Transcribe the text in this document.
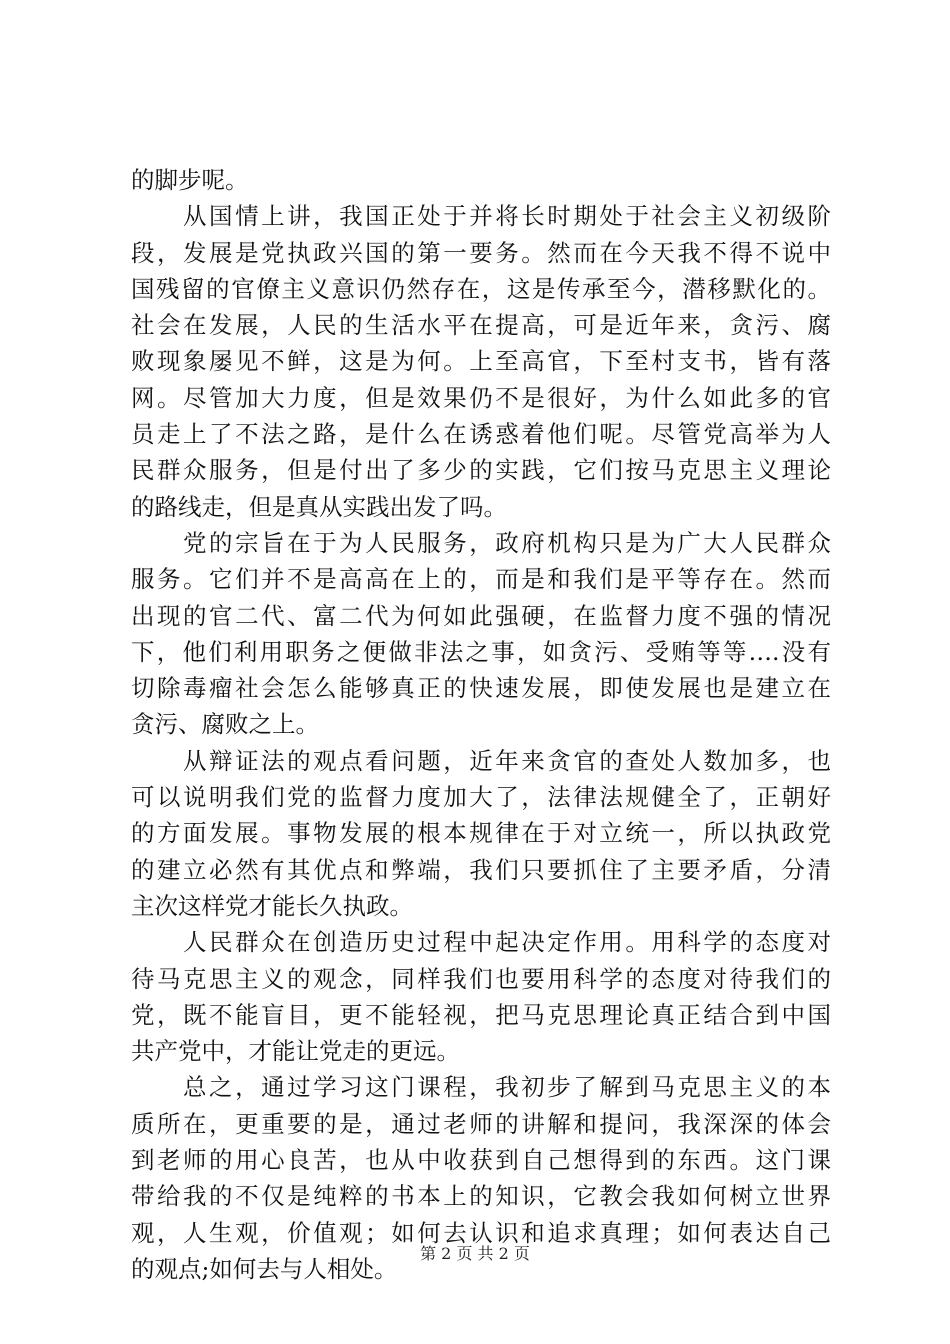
的脚步呢。
　　从国情上讲，我国正处于并将长时期处于社会主义初级阶
段，发展是党执政兴国的第一要务。然而在今天我不得不说中
国残留的官僚主义意识仍然存在，这是传承至今，潜移默化的。
社会在发展，人民的生活水平在提高，可是近年来，贪污、腐
败现象屡见不鲜，这是为何。上至高官，下至村支书，皆有落
网。尽管加大力度，但是效果仍不是很好，为什么如此多的官
员走上了不法之路，是什么在诱惑着他们呢。尽管党高举为人
民群众服务，但是付出了多少的实践，它们按马克思主义理论
的路线走，但是真从实践出发了吗。
　　党的宗旨在于为人民服务，政府机构只是为广大人民群众
服务。它们并不是高高在上的，而是和我们是平等存在。然而
出现的官二代、富二代为何如此强硬，在监督力度不强的情况
下，他们利用职务之便做非法之事，如贪污、受贿等等….没有
切除毒瘤社会怎么能够真正的快速发展，即使发展也是建立在
贪污、腐败之上。
　　从辩证法的观点看问题，近年来贪官的查处人数加多，也
可以说明我们党的监督力度加大了，法律法规健全了，正朝好
的方面发展。事物发展的根本规律在于对立统一，所以执政党
的建立必然有其优点和弊端，我们只要抓住了主要矛盾，分清
主次这样党才能长久执政。
　　人民群众在创造历史过程中起决定作用。用科学的态度对
待马克思主义的观念，同样我们也要用科学的态度对待我们的
党，既不能盲目，更不能轻视，把马克思理论真正结合到中国
共产党中，才能让党走的更远。
　　总之，通过学习这门课程，我初步了解到马克思主义的本
质所在，更重要的是，通过老师的讲解和提问，我深深的体会
到老师的用心良苦，也从中收获到自己想得到的东西。这门课
带给我的不仅是纯粹的书本上的知识，它教会我如何树立世界
观，人生观，价值观；如何去认识和追求真理；如何表达自己
的观点;如何去与人相处。
第 2 页 共 2 页
